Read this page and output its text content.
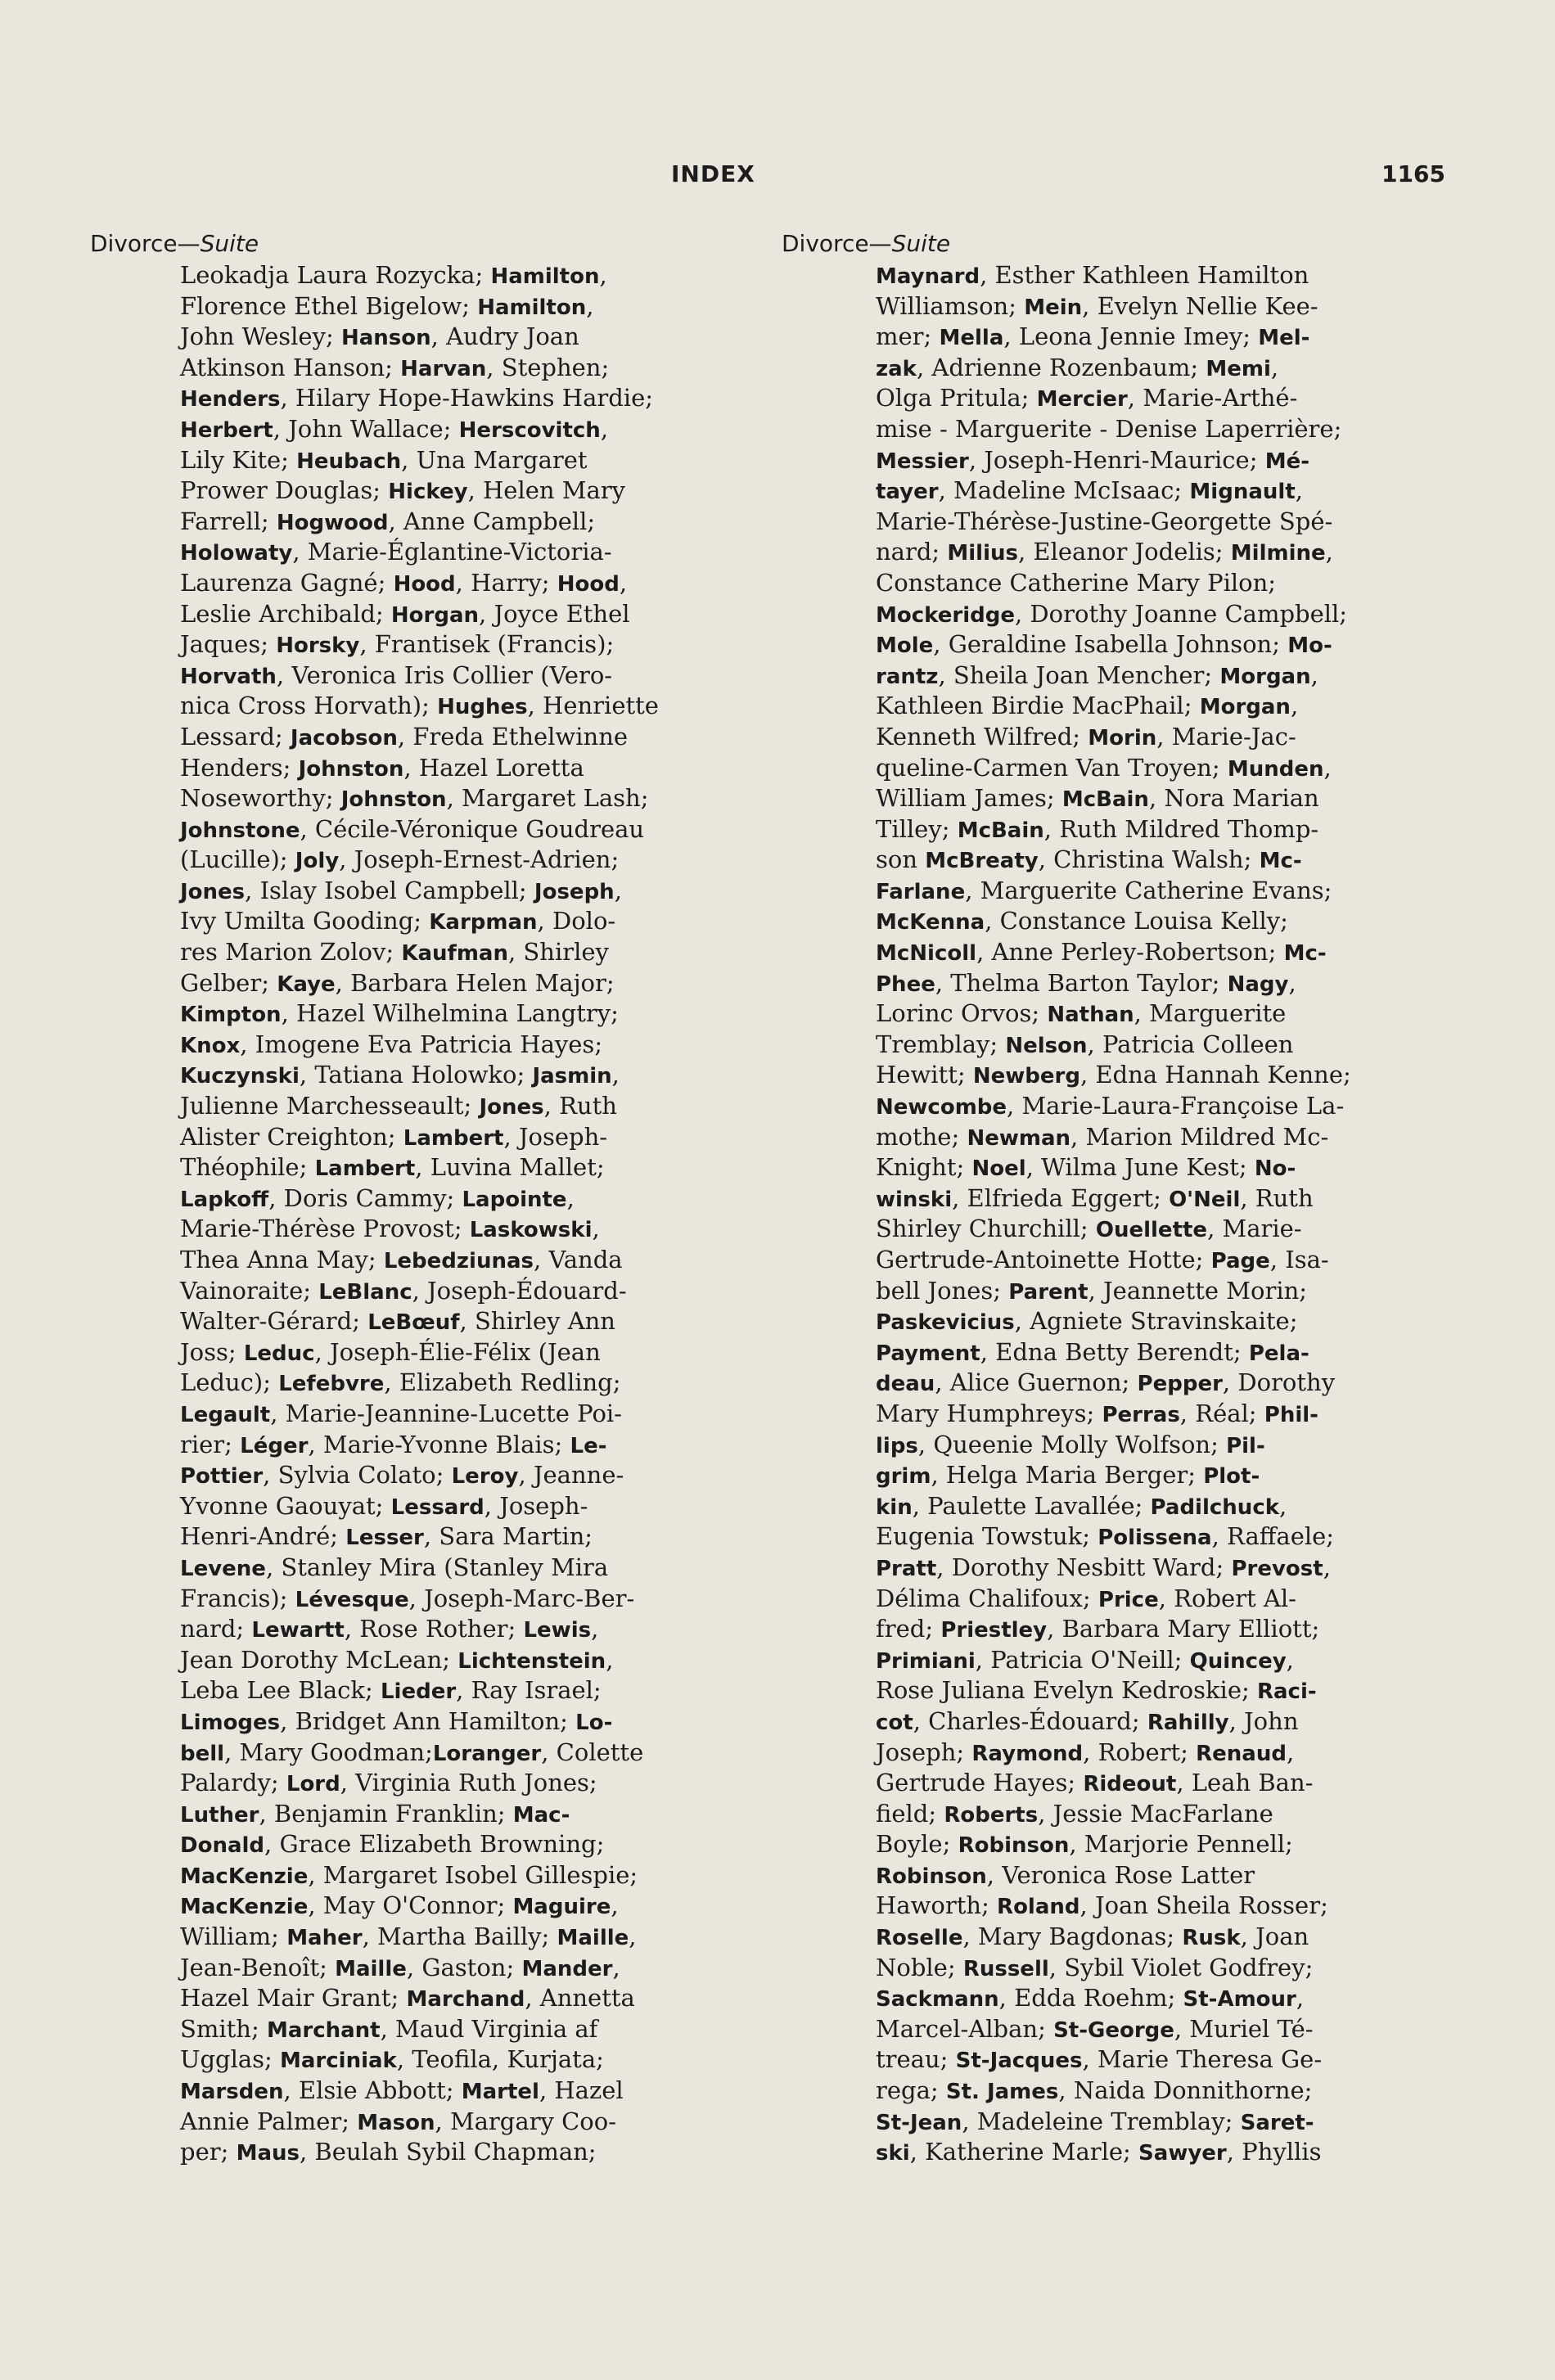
INDEX	1165
Divorce—Suite
Leokadja Laura Rozycka; Hamilton,
Florence Ethel Bigelow; Hamilton,
John Wesley; Hanson, Audry Joan
Atkinson Hanson; Harvan, Stephen;
Henders, Hilary Hope-Hawkins Hardie;
Herbert, John Wallace; Herscovitch,
Lily Kite; Heubach, Una Margaret
Prower Douglas; Hickey, Helen Mary
Farrell; Hogwood, Anne Campbell;
Holowaty, Marie-Églantine-Victoria-
Laurenza Gagné; Hood, Harry; Hood,
Leslie Archibald; Horgan, Joyce Ethel
Jaques; Horsky, Frantisek (Francis);
Horvath, Veronica Iris Collier (Vero-
nica Cross Horvath); Hughes, Henriette
Lessard; Jacobson, Freda Ethelwinne
Henders; Johnston, Hazel Loretta
Noseworthy; Johnston, Margaret Lash;
Johnstone, Cécile-Véronique Goudreau
(Lucille); Joly, Joseph-Ernest-Adrien;
Jones, Islay Isobel Campbell; Joseph,
Ivy Umilta Gooding; Karpman, Dolo-
res Marion Zolov; Kaufman, Shirley
Gelber; Kaye, Barbara Helen Major;
Kimpton, Hazel Wilhelmina Langtry;
Knox, Imogene Eva Patricia Hayes;
Kuczynski, Tatiana Holowko; Jasmin,
Julienne Marchesseault; Jones, Ruth
Alister Creighton; Lambert, Joseph-
Théophile; Lambert, Luvina Mallet;
Lapkoff, Doris Cammy; Lapointe,
Marie-Thérèse Provost; Laskowski,
Thea Anna May; Lebedziunas, Vanda
Vainoraite; LeBlanc, Joseph-Édouard-
Walter-Gérard; LeBœuf, Shirley Ann
Joss; Leduc, Joseph-Élie-Félix (Jean
Leduc); Lefebvre, Elizabeth Redling;
Legault, Marie-Jeannine-Lucette Poi-
rier; Léger, Marie-Yvonne Blais; Le-
Pottier, Sylvia Colato; Leroy, Jeanne-
Yvonne Gaouyat; Lessard, Joseph-
Henri-André; Lesser, Sara Martin;
Levene, Stanley Mira (Stanley Mira
Francis); Lévesque, Joseph-Marc-Ber-
nard; Lewartt, Rose Rother; Lewis,
Jean Dorothy McLean; Lichtenstein,
Leba Lee Black; Lieder, Ray Israel;
Limoges, Bridget Ann Hamilton; Lo-
bell, Mary Goodman;Loranger, Colette
Palardy; Lord, Virginia Ruth Jones;
Luther, Benjamin Franklin; Mac-
Donald, Grace Elizabeth Browning;
MacKenzie, Margaret Isobel Gillespie;
MacKenzie, May O'Connor; Maguire,
William; Maher, Martha Bailly; Maille,
Jean-Benoît; Maille, Gaston; Mander,
Hazel Mair Grant; Marchand, Annetta
Smith; Marchant, Maud Virginia af
Ugglas; Marciniak, Teofila, Kurjata;
Marsden, Elsie Abbott; Martel, Hazel
Annie Palmer; Mason, Margary Coo-
per; Maus, Beulah Sybil Chapman;
Divorce—Suite
Maynard, Esther Kathleen Hamilton
Williamson; Mein, Evelyn Nellie Kee-
mer; Mella, Leona Jennie Imey; Mel-
zak, Adrienne Rozenbaum; Memi,
Olga Pritula; Mercier, Marie-Arthé-
mise - Marguerite - Denise Laperrière;
Messier, Joseph-Henri-Maurice; Mé-
tayer, Madeline McIsaac; Mignault,
Marie-Thérèse-Justine-Georgette Spé-
nard; Milius, Eleanor Jodelis; Milmine,
Constance Catherine Mary Pilon;
Mockeridge, Dorothy Joanne Campbell;
Mole, Geraldine Isabella Johnson; Mo-
rantz, Sheila Joan Mencher; Morgan,
Kathleen Birdie MacPhail; Morgan,
Kenneth Wilfred; Morin, Marie-Jac-
queline-Carmen Van Troyen; Munden,
William James; McBain, Nora Marian
Tilley; McBain, Ruth Mildred Thomp-
son McBreaty, Christina Walsh; Mc-
Farlane, Marguerite Catherine Evans;
McKenna, Constance Louisa Kelly;
McNicoll, Anne Perley-Robertson; Mc-
Phee, Thelma Barton Taylor; Nagy,
Lorinc Orvos; Nathan, Marguerite
Tremblay; Nelson, Patricia Colleen
Hewitt; Newberg, Edna Hannah Kenne;
Newcombe, Marie-Laura-Françoise La-
mothe; Newman, Marion Mildred Mc-
Knight; Noel, Wilma June Kest; No-
winski, Elfrieda Eggert; O'Neil, Ruth
Shirley Churchill; Ouellette, Marie-
Gertrude-Antoinette Hotte; Page, Isa-
bell Jones; Parent, Jeannette Morin;
Paskevicius, Agniete Stravinskaite;
Payment, Edna Betty Berendt; Pela-
deau, Alice Guernon; Pepper, Dorothy
Mary Humphreys; Perras, Réal; Phil-
lips, Queenie Molly Wolfson; Pil-
grim, Helga Maria Berger; Plot-
kin, Paulette Lavallée; Padilchuck,
Eugenia Towstuk; Polissena, Raffaele;
Pratt, Dorothy Nesbitt Ward; Prevost,
Délima Chalifoux; Price, Robert Al-
fred; Priestley, Barbara Mary Elliott;
Primiani, Patricia O'Neill; Quincey,
Rose Juliana Evelyn Kedroskie; Raci-
cot, Charles-Édouard; Rahilly, John
Joseph; Raymond, Robert; Renaud,
Gertrude Hayes; Rideout, Leah Ban-
field; Roberts, Jessie MacFarlane
Boyle; Robinson, Marjorie Pennell;
Robinson, Veronica Rose Latter
Haworth; Roland, Joan Sheila Rosser;
Roselle, Mary Bagdonas; Rusk, Joan
Noble; Russell, Sybil Violet Godfrey;
Sackmann, Edda Roehm; St-Amour,
Marcel-Alban; St-George, Muriel Té-
treau; St-Jacques, Marie Theresa Ge-
rega; St. James, Naida Donnithorne;
St-Jean, Madeleine Tremblay; Saret-
ski, Katherine Marle; Sawyer, Phyllis
